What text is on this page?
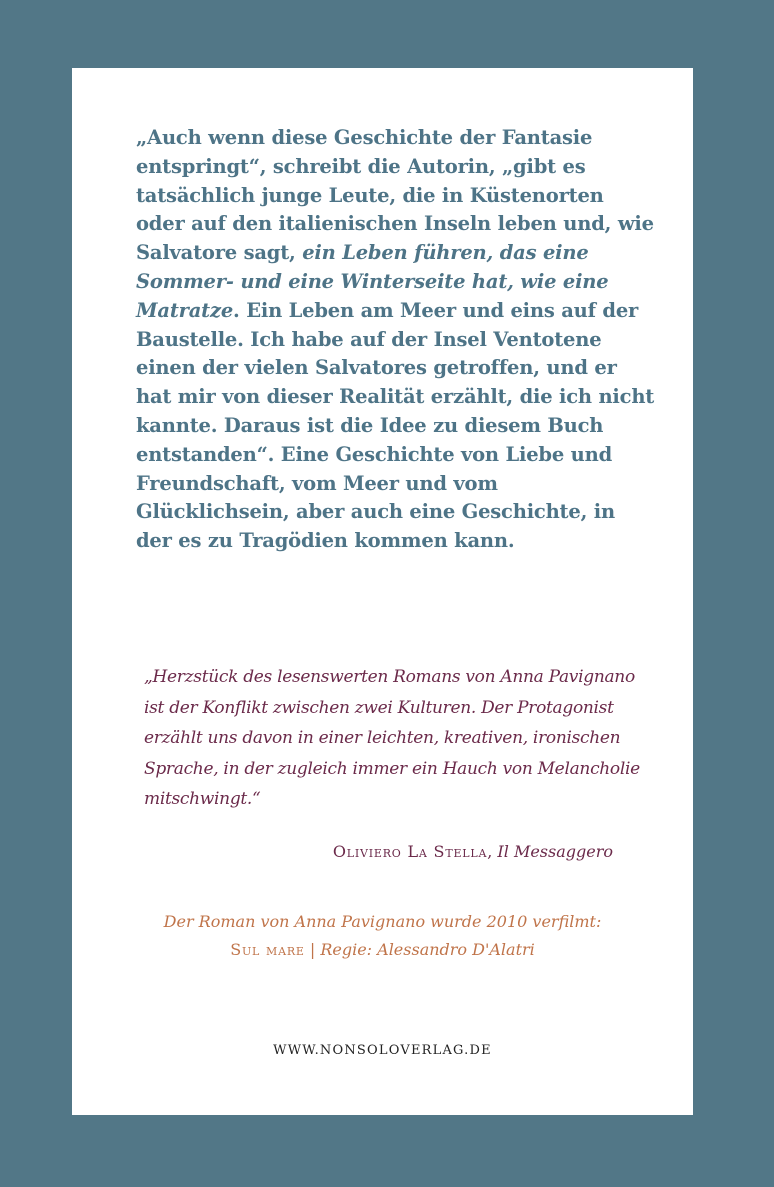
„Auch wenn diese Geschichte der Fantasie entspringt“, schreibt die Autorin, „gibt es tatsächlich junge Leute, die in Küstenorten oder auf den italienischen Inseln leben und, wie Salvatore sagt, ein Leben führen, das eine Sommer- und eine Winterseite hat, wie eine Matratze. Ein Leben am Meer und eins auf der Baustelle. Ich habe auf der Insel Ventotene einen der vielen Salvatores getroffen, und er hat mir von dieser Realität erzählt, die ich nicht kannte. Daraus ist die Idee zu diesem Buch entstanden“. Eine Geschichte von Liebe und Freundschaft, vom Meer und vom Glücklichsein, aber auch eine Geschichte, in der es zu Tragödien kommen kann.

„Herzstück des lesenswerten Romans von Anna Pavignano ist der Konflikt zwischen zwei Kulturen. Der Protagonist erzählt uns davon in einer leichten, kreativen, ironischen Sprache, in der zugleich immer ein Hauch von Melancholie mitschwingt.“

Oliviero La Stella, Il Messaggero

Der Roman von Anna Pavignano wurde 2010 verfilmt:
Sul mare | Regie: Alessandro D'Alatri

WWW.NONSOLOVERLAG.DE
